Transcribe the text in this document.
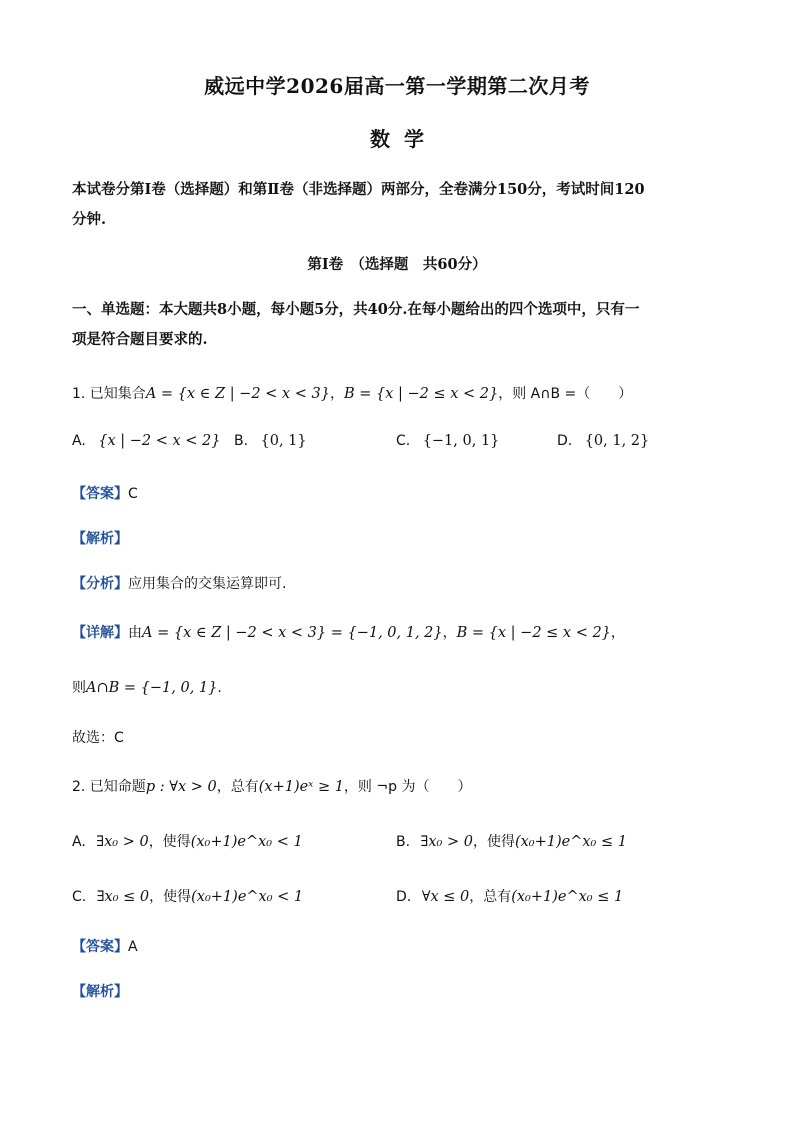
威远中学2026届高一第一学期第二次月考
数学
本试卷分第Ⅰ卷（选择题）和第Ⅱ卷（非选择题）两部分，全卷满分150分，考试时间120
分钟.
第Ⅰ卷　（选择题　共60分）
一、单选题：本大题共8小题，每小题5分，共40分.在每小题给出的四个选项中，只有一
项是符合题目要求的.
1. 已知集合A = {x ∈ Z | −2 < x < 3}，B = {x | −2 ≤ x < 2}，则 A∩B =（　　）
A. {x | −2 < x < 2} B. {0, 1}	C. {−1, 0, 1}	D. {0, 1, 2}
【答案】C
【解析】
【分析】应用集合的交集运算即可.
【详解】由A = {x ∈ Z | −2 < x < 3} = {−1, 0, 1, 2}，B = {x | −2 ≤ x < 2}，
则A∩B = {−1, 0, 1}.
故选：C
2. 已知命题p : ∀x > 0，总有(x+1)eˣ ≥ 1，则 ¬p 为（　　）
A. ∃x₀ > 0，使得(x₀+1)e^x₀ < 1	B. ∃x₀ > 0，使得(x₀+1)e^x₀ ≤ 1
C. ∃x₀ ≤ 0，使得(x₀+1)e^x₀ < 1	D. ∀x ≤ 0，总有(x₀+1)e^x₀ ≤ 1
【答案】A
【解析】
